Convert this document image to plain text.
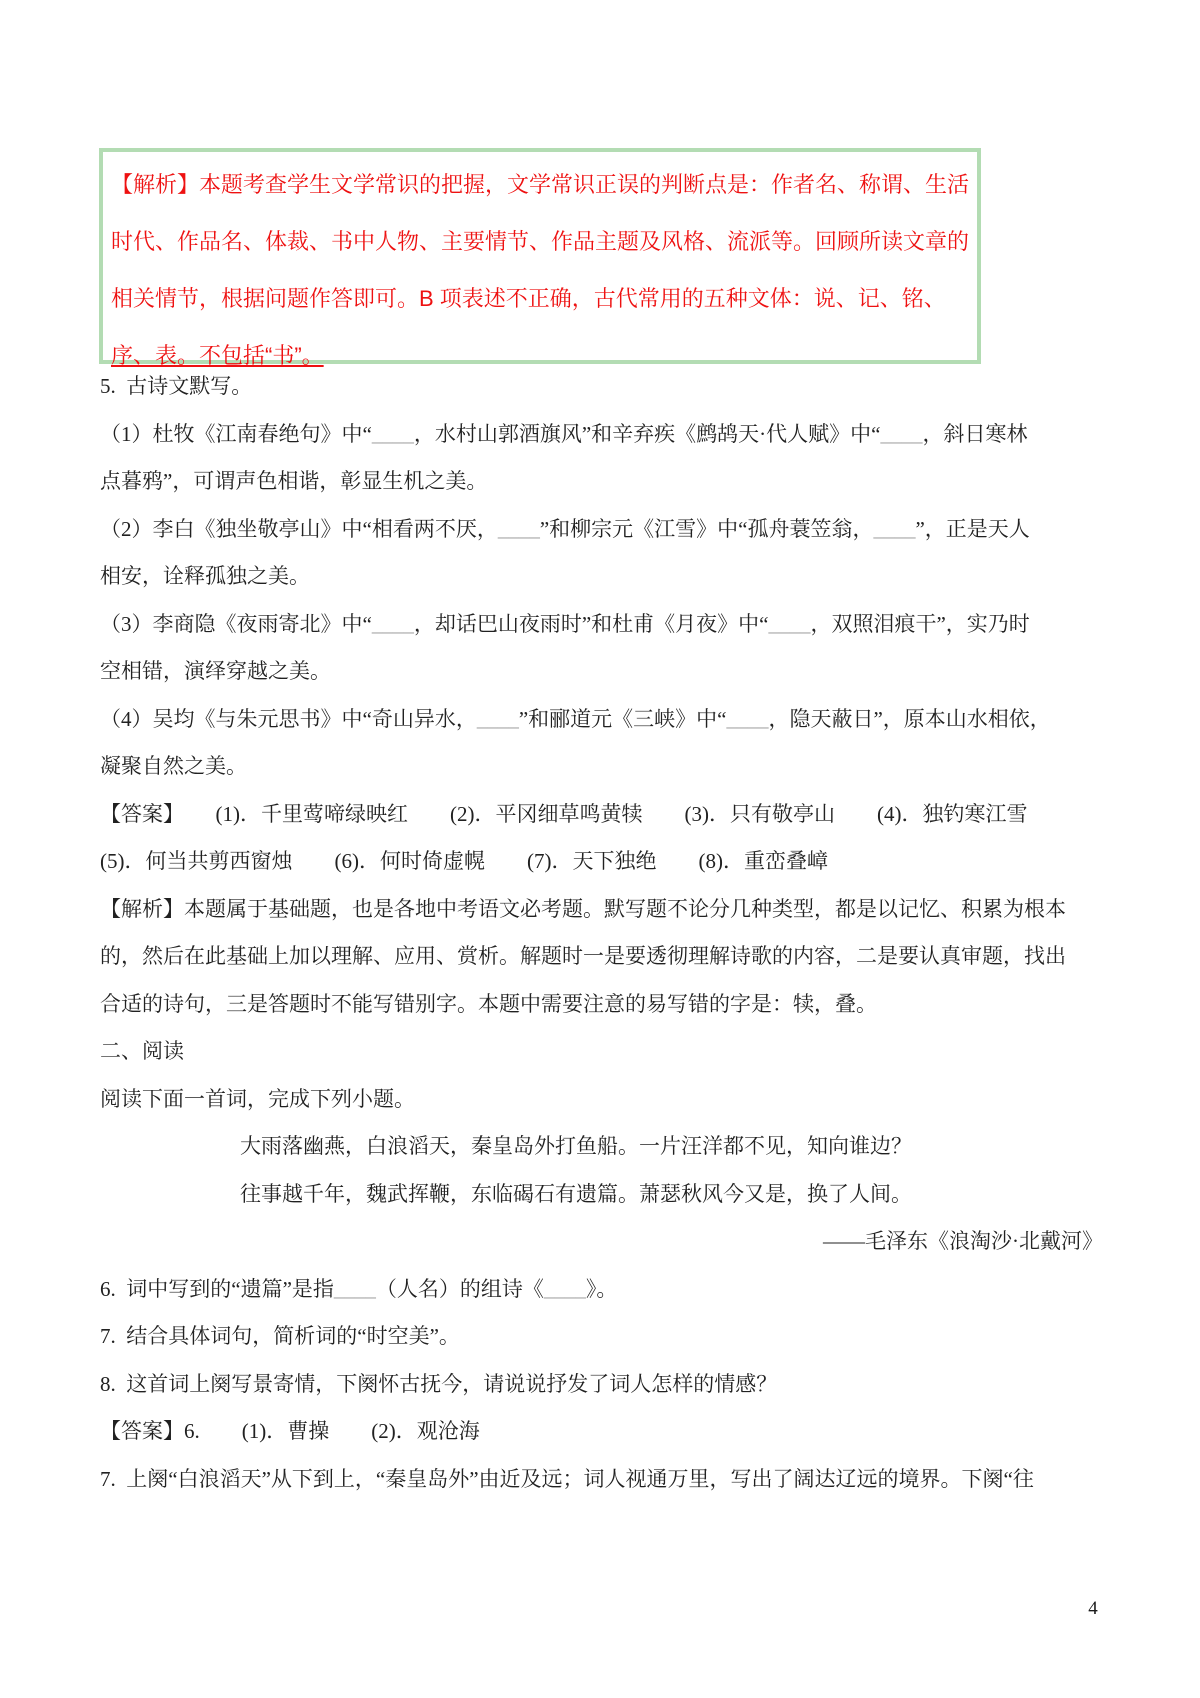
【解析】本题考查学生文学常识的把握，文学常识正误的判断点是：作者名、称谓、生活
时代、作品名、体裁、书中人物、主要情节、作品主题及风格、流派等。回顾所读文章的
相关情节，根据问题作答即可。B 项表述不正确，古代常用的五种文体：说、记、铭、
序、表。不包括“书”。
5.  古诗文默写。
（1）杜牧《江南春绝句》中“____，水村山郭酒旗风”和辛弃疾《鹧鸪天·代人赋》中“____，斜日寒林
点暮鸦”，可谓声色相谐，彰显生机之美。
（2）李白《独坐敬亭山》中“相看两不厌，____”和柳宗元《江雪》中“孤舟蓑笠翁，____”，正是天人
相安，诠释孤独之美。
（3）李商隐《夜雨寄北》中“____，却话巴山夜雨时”和杜甫《月夜》中“____，双照泪痕干”，实乃时
空相错，演绎穿越之美。
（4）吴均《与朱元思书》中“奇山异水，____”和郦道元《三峡》中“____，隐天蔽日”，原本山水相依，
凝聚自然之美。
【答案】　　(1)．千里莺啼绿映红　　(2)．平冈细草鸣黄犊　　(3)．只有敬亭山　　(4)．独钓寒江雪
(5)．何当共剪西窗烛　　(6)．何时倚虚幌　　(7)．天下独绝　　(8)．重峦叠嶂
【解析】本题属于基础题，也是各地中考语文必考题。默写题不论分几种类型，都是以记忆、积累为根本
的，然后在此基础上加以理解、应用、赏析。解题时一是要透彻理解诗歌的内容，二是要认真审题，找出
合适的诗句，三是答题时不能写错别字。本题中需要注意的易写错的字是：犊，叠。
二、阅读
阅读下面一首词，完成下列小题。
大雨落幽燕，白浪滔天，秦皇岛外打鱼船。一片汪洋都不见，知向谁边？
往事越千年，魏武挥鞭，东临碣石有遗篇。萧瑟秋风今又是，换了人间。
——毛泽东《浪淘沙·北戴河》
6.  词中写到的“遗篇”是指____（人名）的组诗《____》。
7.  结合具体词句，简析词的“时空美”。
8.  这首词上阕写景寄情，下阕怀古抚今，请说说抒发了词人怎样的情感？
【答案】6.　　(1)．曹操　　(2)．观沧海
7.  上阕“白浪滔天”从下到上，“秦皇岛外”由近及远；词人视通万里，写出了阔达辽远的境界。下阕“往
4
